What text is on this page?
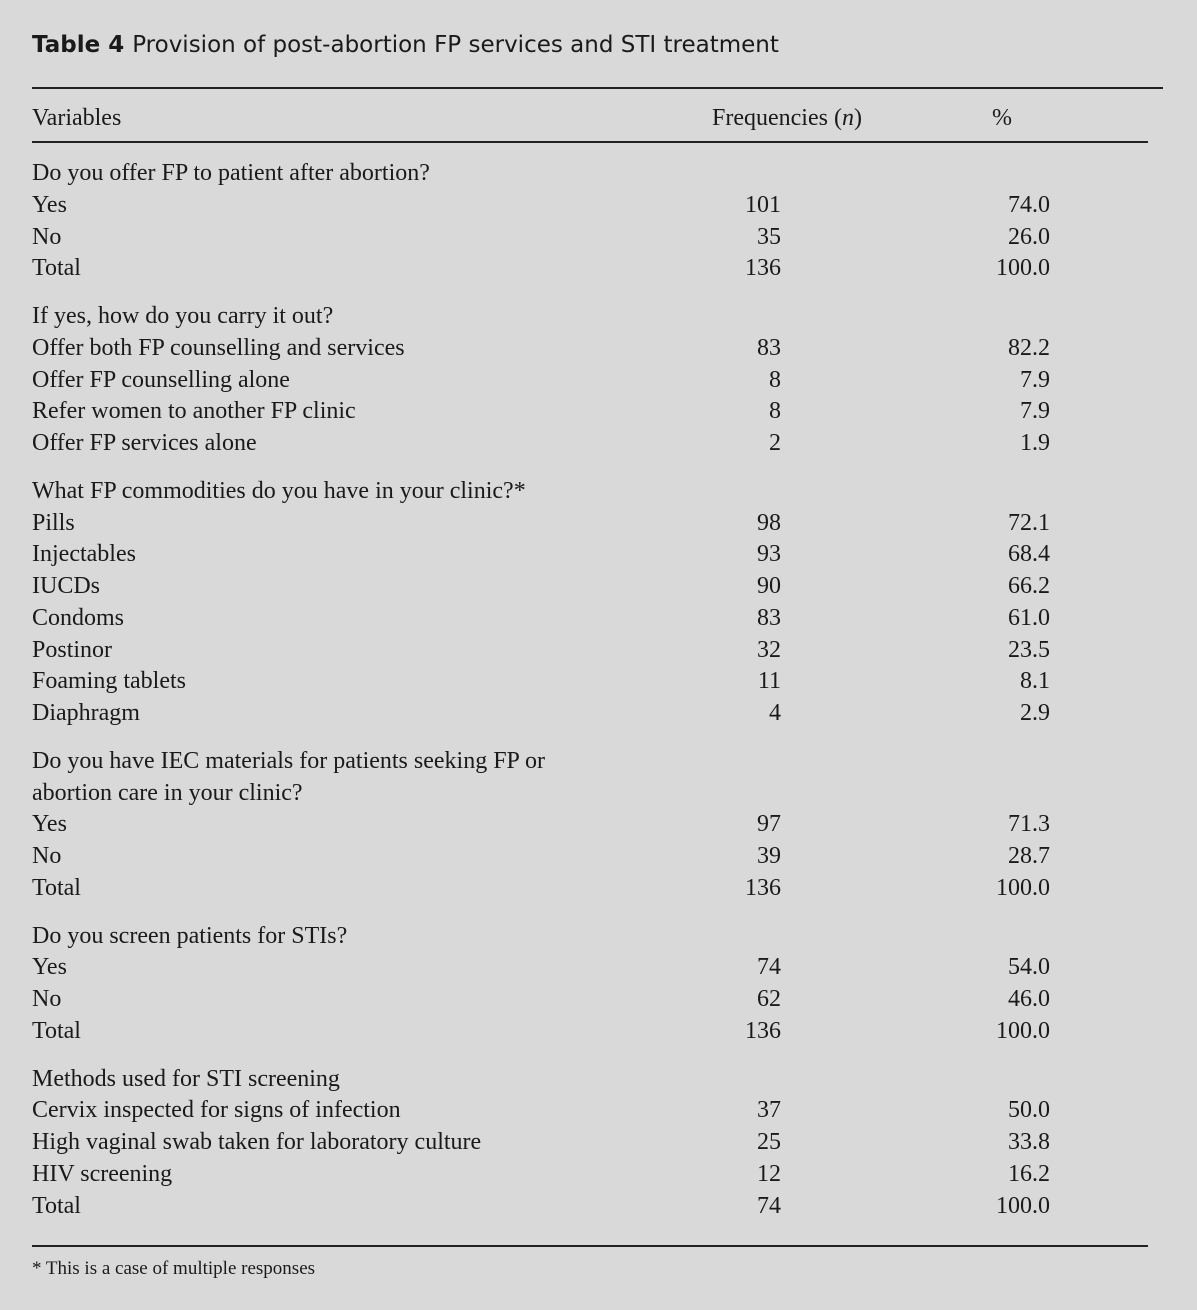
Table 4 Provision of post-abortion FP services and STI treatment
Variables	Frequencies (n)	%
Do you offer FP to patient after abortion?
Yes	101	74.0
No	35	26.0
Total	136	100.0
If yes, how do you carry it out?
Offer both FP counselling and services	83	82.2
Offer FP counselling alone	8	7.9
Refer women to another FP clinic	8	7.9
Offer FP services alone	2	1.9
What FP commodities do you have in your clinic?*
Pills	98	72.1
Injectables	93	68.4
IUCDs	90	66.2
Condoms	83	61.0
Postinor	32	23.5
Foaming tablets	11	8.1
Diaphragm	4	2.9
Do you have IEC materials for patients seeking FP or
abortion care in your clinic?
Yes	97	71.3
No	39	28.7
Total	136	100.0
Do you screen patients for STIs?
Yes	74	54.0
No	62	46.0
Total	136	100.0
Methods used for STI screening
Cervix inspected for signs of infection	37	50.0
High vaginal swab taken for laboratory culture	25	33.8
HIV screening	12	16.2
Total	74	100.0
* This is a case of multiple responses
